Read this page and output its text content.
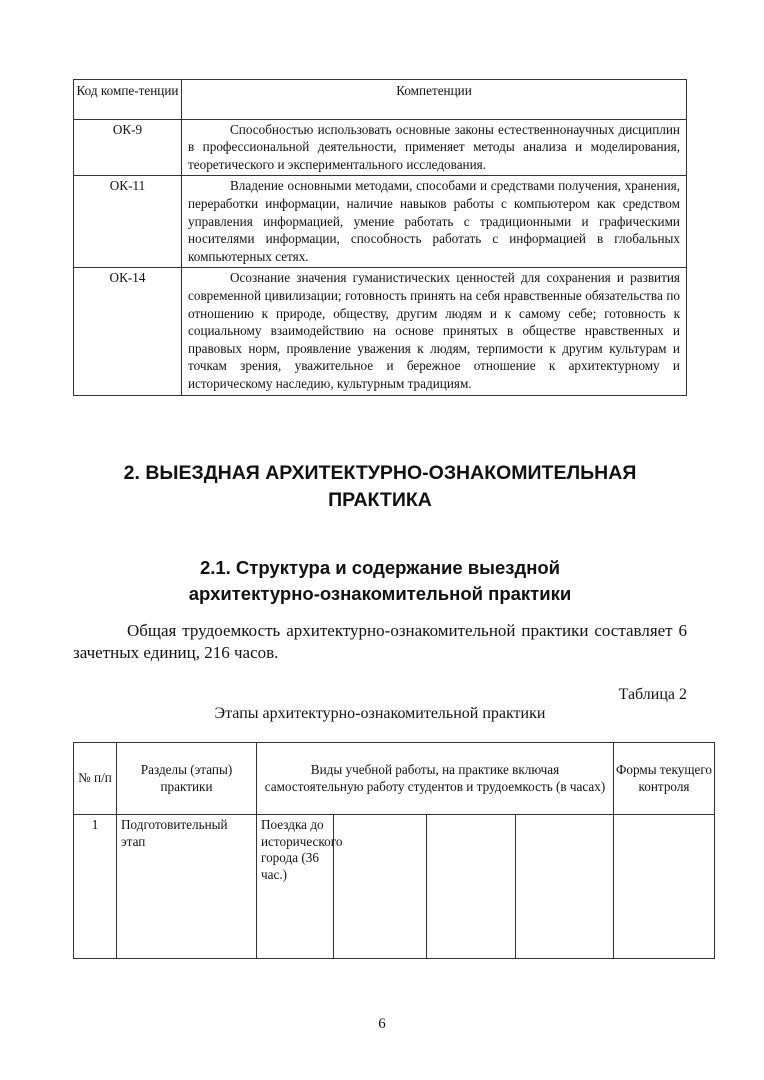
Код компе-тенции	Компетенции
ОК-9	Способностью использовать основные законы естественнонаучных дисциплин в профессиональной деятельности, применяет методы анализа и моделирования, теоретического и экспериментального исследования.

ОК-11	Владение основными методами, способами и средствами получения, хранения, переработки информации, наличие навыков работы с компьютером как средством управления информацией, умение работать с традиционными и графическими носителями информации, способность работать с информацией в глобальных компьютерных сетях.

ОК-14	Осознание значения гуманистических ценностей для сохранения и развития современной цивилизации; готовность принять на себя нравственные обязательства по отношению к природе, обществу, другим людям и к самому себе; готовность к социальному взаимодействию на основе принятых в обществе нравственных и правовых норм, проявление уважения к людям, терпимости к другим культурам и точкам зрения, уважительное и бережное отношение к архитектурному и историческому наследию, культурным традициям.
2. ВЫЕЗДНАЯ АРХИТЕКТУРНО-ОЗНАКОМИТЕЛЬНАЯ
ПРАКТИКА
2.1. Структура и содержание выездной
архитектурно-ознакомительной практики
Общая трудоемкость архитектурно-ознакомительной практики составляет 6 зачетных единиц, 216 часов.
Таблица 2
Этапы архитектурно-ознакомительной практики
№ п/п	Разделы (этапы) практики	Виды учебной работы, на практике включая самостоятельную работу студентов и трудоемкость (в часах)				Формы текущего контроля
1	Подготовительный этап	Поездка до исторического города (36 час.)				
6
